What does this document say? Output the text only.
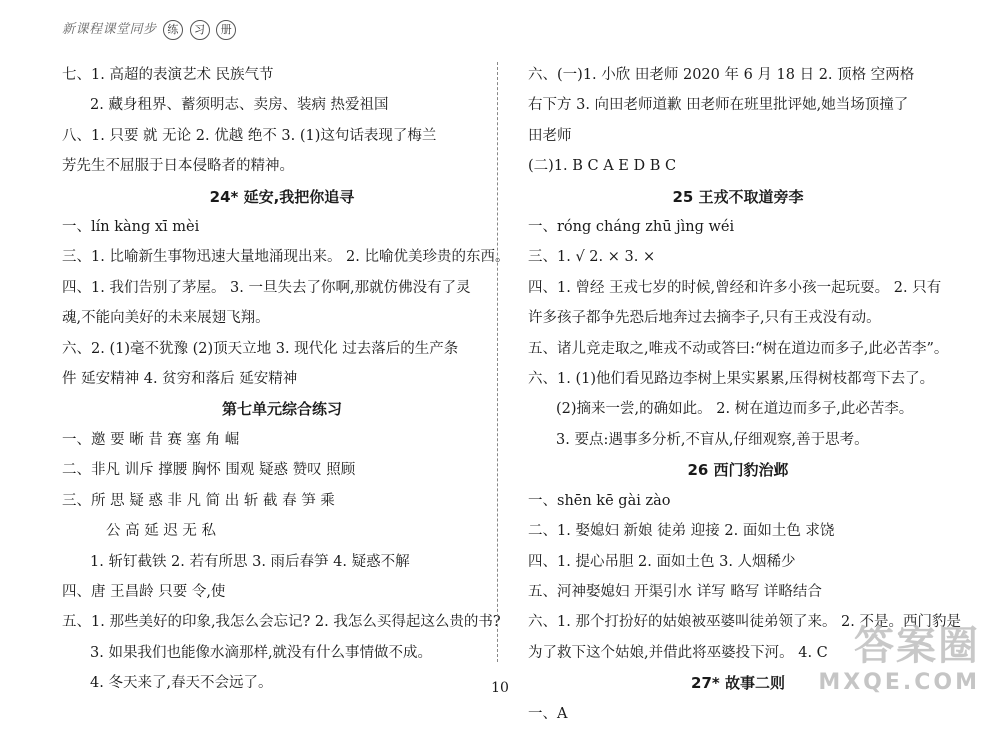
新课程课堂同步 练 习 册
七、1. 高超的表演艺术 民族气节
2. 藏身租界、蓄须明志、卖房、装病 热爱祖国
八、1. 只要 就 无论 2. 优越 绝不 3. (1)这句话表现了梅兰
芳先生不屈服于日本侵略者的精神。
24* 延安,我把你追寻
一、lín kàng xī mèi
三、1. 比喻新生事物迅速大量地涌现出来。 2. 比喻优美珍贵的东西。
四、1. 我们告别了茅屋。 3. 一旦失去了你啊,那就仿佛没有了灵
魂,不能向美好的未来展翅飞翔。
六、2. (1)毫不犹豫 (2)顶天立地 3. 现代化 过去落后的生产条
件 延安精神 4. 贫穷和落后 延安精神
第七单元综合练习
一、邀 要 晰 昔 赛 塞 角 崛
二、非凡 训斥 撑腰 胸怀 围观 疑惑 赞叹 照顾
三、所 思 疑 惑 非 凡 简 出 斩 截 春 笋 乘
公 高 延 迟 无 私
1. 斩钉截铁 2. 若有所思 3. 雨后春笋 4. 疑惑不解
四、唐 王昌龄 只要 令,使
五、1. 那些美好的印象,我怎么会忘记? 2. 我怎么买得起这么贵的书?
3. 如果我们也能像水滴那样,就没有什么事情做不成。
4. 冬天来了,春天不会远了。
六、(一)1. 小欣 田老师 2020 年 6 月 18 日 2. 顶格 空两格
右下方 3. 向田老师道歉 田老师在班里批评她,她当场顶撞了
田老师
(二)1. B C A E D B C
25 王戎不取道旁李
一、róng chánɡ zhū jìnɡ wéi
三、1. √ 2. × 3. ×
四、1. 曾经 王戎七岁的时候,曾经和许多小孩一起玩耍。 2. 只有
许多孩子都争先恐后地奔过去摘李子,只有王戎没有动。
五、诸儿竞走取之,唯戎不动或答曰:“树在道边而多子,此必苦李”。
六、1. (1)他们看见路边李树上果实累累,压得树枝都弯下去了。
(2)摘来一尝,的确如此。 2. 树在道边而多子,此必苦李。
3. 要点:遇事多分析,不盲从,仔细观察,善于思考。
26 西门豹治邺
一、shēn kē gài zào
二、1. 娶媳妇 新娘 徒弟 迎接 2. 面如土色 求饶
四、1. 提心吊胆 2. 面如土色 3. 人烟稀少
五、河神娶媳妇 开渠引水 详写 略写 详略结合
六、1. 那个打扮好的姑娘被巫婆叫徒弟领了来。 2. 不是。西门豹是
为了救下这个姑娘,并借此将巫婆投下河。 4. C
27* 故事二则
一、A
10
答案圈
MXQE.COM
